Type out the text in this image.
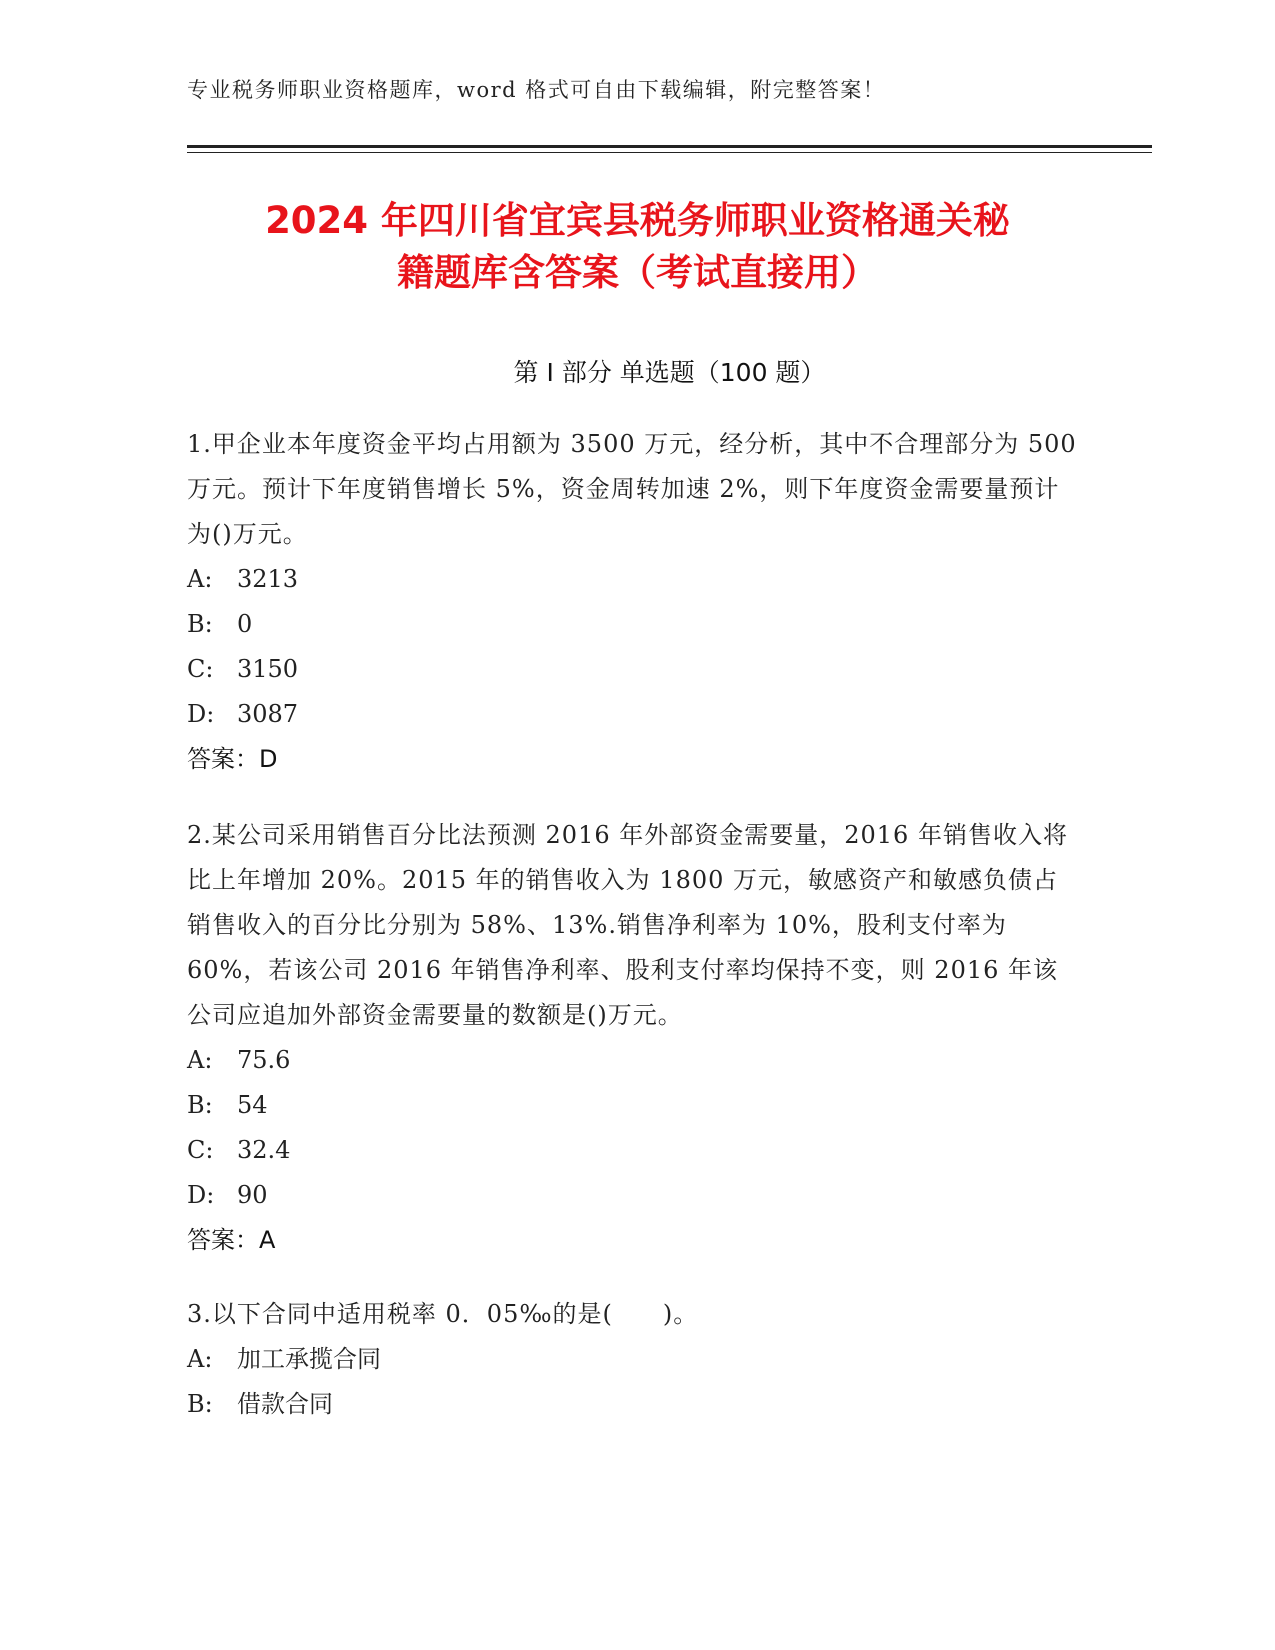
专业税务师职业资格题库，word 格式可自由下载编辑，附完整答案！
2024 年四川省宜宾县税务师职业资格通关秘
籍题库含答案（考试直接用）
第 I 部分 单选题（100 题）

1.甲企业本年度资金平均占用额为 3500 万元，经分析，其中不合理部分为 500 万元。预计下年度销售增长 5%，资金周转加速 2%，则下年度资金需要量预计为()万元。

A:	3213
B:	0
C: 3150
D: 3087
答案：D

2.某公司采用销售百分比法预测 2016 年外部资金需要量，2016 年销售收入将比上年增加 20%。2015 年的销售收入为 1800 万元，敏感资产和敏感负债占销售收入的百分比分别为 58%、13%.销售净利率为 10%，股利支付率为 60%，若该公司 2016 年销售净利率、股利支付率均保持不变，则 2016 年该公司应追加外部资金需要量的数额是()万元。

A:	75.6
B:	54
C: 32.4
D: 90
答案：A

3.以下合同中适用税率 0．05‰的是(　　)。

A:	加工承揽合同
B:	借款合同
